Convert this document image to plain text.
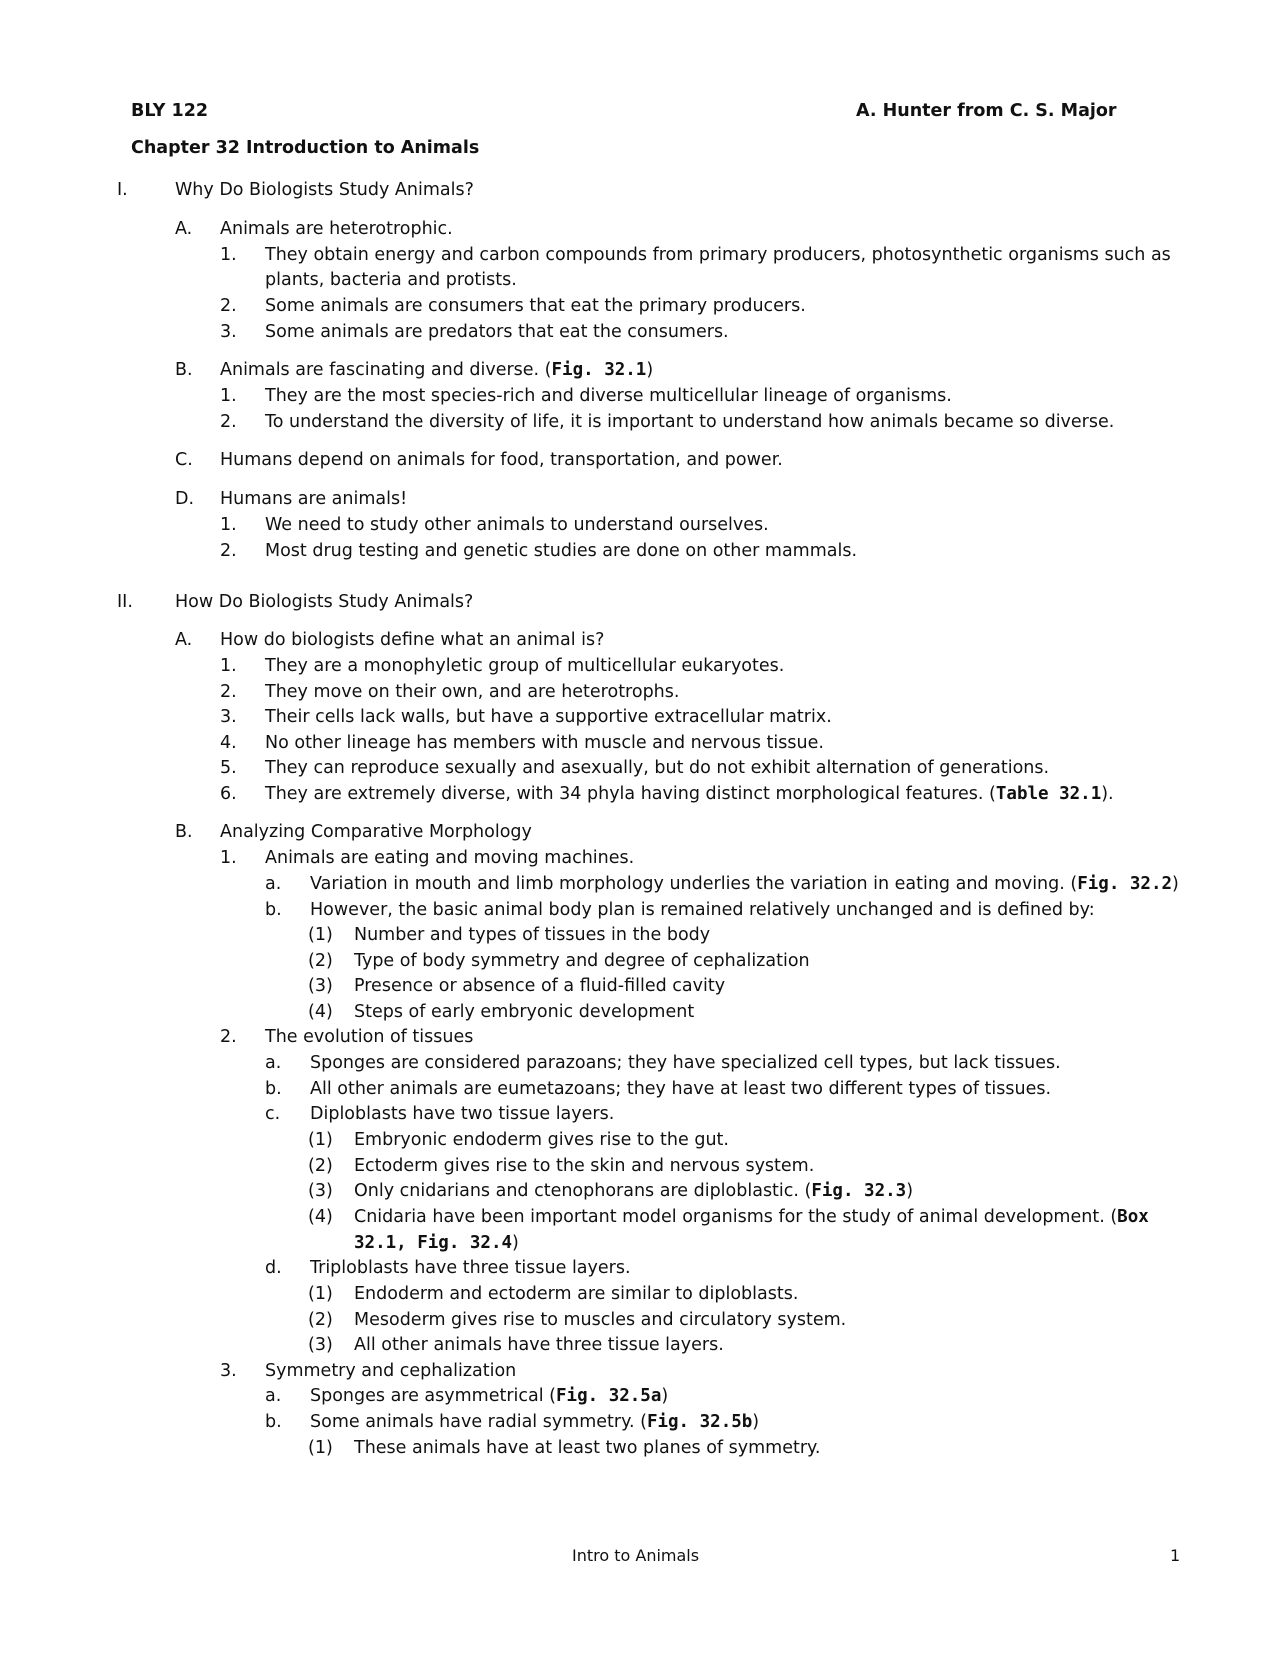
BLY 122	A. Hunter from C. S. Major
Chapter 32 Introduction to Animals
I.	Why Do Biologists Study Animals?
A. Animals are heterotrophic.
1. They obtain energy and carbon compounds from primary producers, photosynthetic organisms such as
plants, bacteria and protists.
2. Some animals are consumers that eat the primary producers.
3. Some animals are predators that eat the consumers.
B. Animals are fascinating and diverse. (Fig. 32.1)
1. They are the most species-rich and diverse multicellular lineage of organisms.
2. To understand the diversity of life, it is important to understand how animals became so diverse.
C. Humans depend on animals for food, transportation, and power.
D. Humans are animals!
1. We need to study other animals to understand ourselves.
2. Most drug testing and genetic studies are done on other mammals.
II. How Do Biologists Study Animals?
A. How do biologists define what an animal is?
1. They are a monophyletic group of multicellular eukaryotes.
2. They move on their own, and are heterotrophs.
3. Their cells lack walls, but have a supportive extracellular matrix.
4. No other lineage has members with muscle and nervous tissue.
5. They can reproduce sexually and asexually, but do not exhibit alternation of generations.
6. They are extremely diverse, with 34 phyla having distinct morphological features. (Table 32.1).
B. Analyzing Comparative Morphology
1. Animals are eating and moving machines.
a. Variation in mouth and limb morphology underlies the variation in eating and moving. (Fig. 32.2)
b. However, the basic animal body plan is remained relatively unchanged and is defined by:
(1) Number and types of tissues in the body
(2) Type of body symmetry and degree of cephalization
(3) Presence or absence of a fluid-filled cavity
(4) Steps of early embryonic development
2. The evolution of tissues
a. Sponges are considered parazoans; they have specialized cell types, but lack tissues.
b. All other animals are eumetazoans; they have at least two different types of tissues.
c. Diploblasts have two tissue layers.
(1) Embryonic endoderm gives rise to the gut.
(2) Ectoderm gives rise to the skin and nervous system.
(3) Only cnidarians and ctenophorans are diploblastic. (Fig. 32.3)
(4) Cnidaria have been important model organisms for the study of animal development. (Box
32.1, Fig. 32.4)
d. Triploblasts have three tissue layers.
(1) Endoderm and ectoderm are similar to diploblasts.
(2) Mesoderm gives rise to muscles and circulatory system.
(3) All other animals have three tissue layers.
3. Symmetry and cephalization
a. Sponges are asymmetrical (Fig. 32.5a)
b. Some animals have radial symmetry. (Fig. 32.5b)
(1) These animals have at least two planes of symmetry.
Intro to Animals	1
